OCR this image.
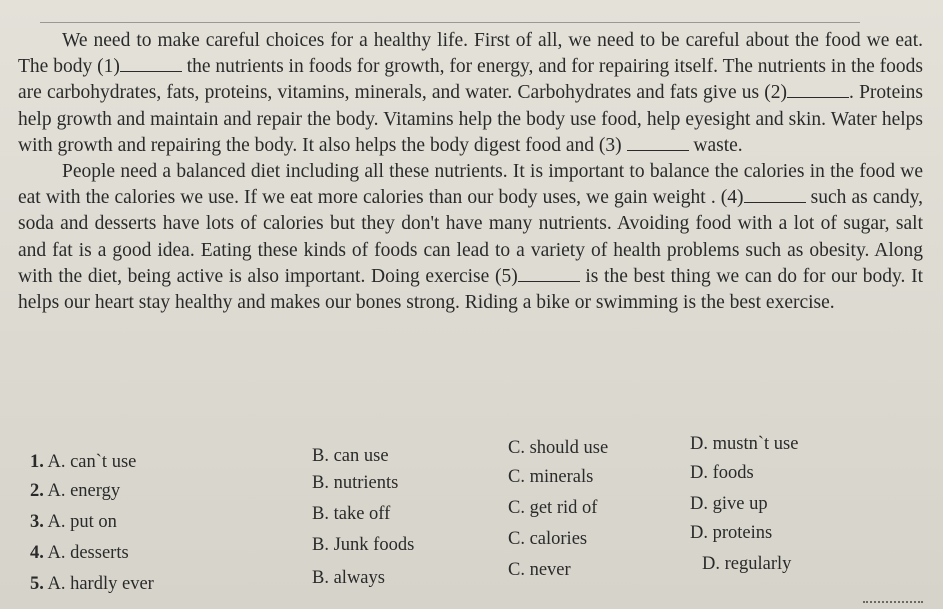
We need to make careful choices for a healthy life. First of all, we need to be careful about the food we eat. The body (1)	the nutrients in foods for growth, for energy, and for repairing itself. The nutrients in the foods are carbohydrates, fats, proteins, vitamins, minerals, and water. Carbohydrates and fats give us (2)	. Proteins help growth and maintain and repair the body. Vitamins help the body use food, help eyesight and skin. Water helps with growth and repairing the body. It also helps the body digest food and (3)	waste.

People need a balanced diet including all these nutrients. It is important to balance the calories in the food we eat with the calories we use. If we eat more calories than our body uses, we gain weight . (4)	such as candy, soda and desserts have lots of calories but they don't have many nutrients. Avoiding food with a lot of sugar, salt and fat is a good idea. Eating these kinds of foods can lead to a variety of health problems such as obesity. Along with the diet, being active is also important. Doing exercise (5)	is the best thing we can do for our body. It helps our heart stay healthy and makes our bones strong. Riding a bike or swimming is the best exercise.

1. A. can`t use	B. can use	C. should use	D. mustn`t use
2. A. energy	B. nutrients	C. minerals	D. foods
3. A. put on	B. take off	C. get rid of	D. give up
4. A. desserts	B. Junk foods	C. calories	D. proteins
5. A. hardly ever	B. always	C. never	D. regularly
